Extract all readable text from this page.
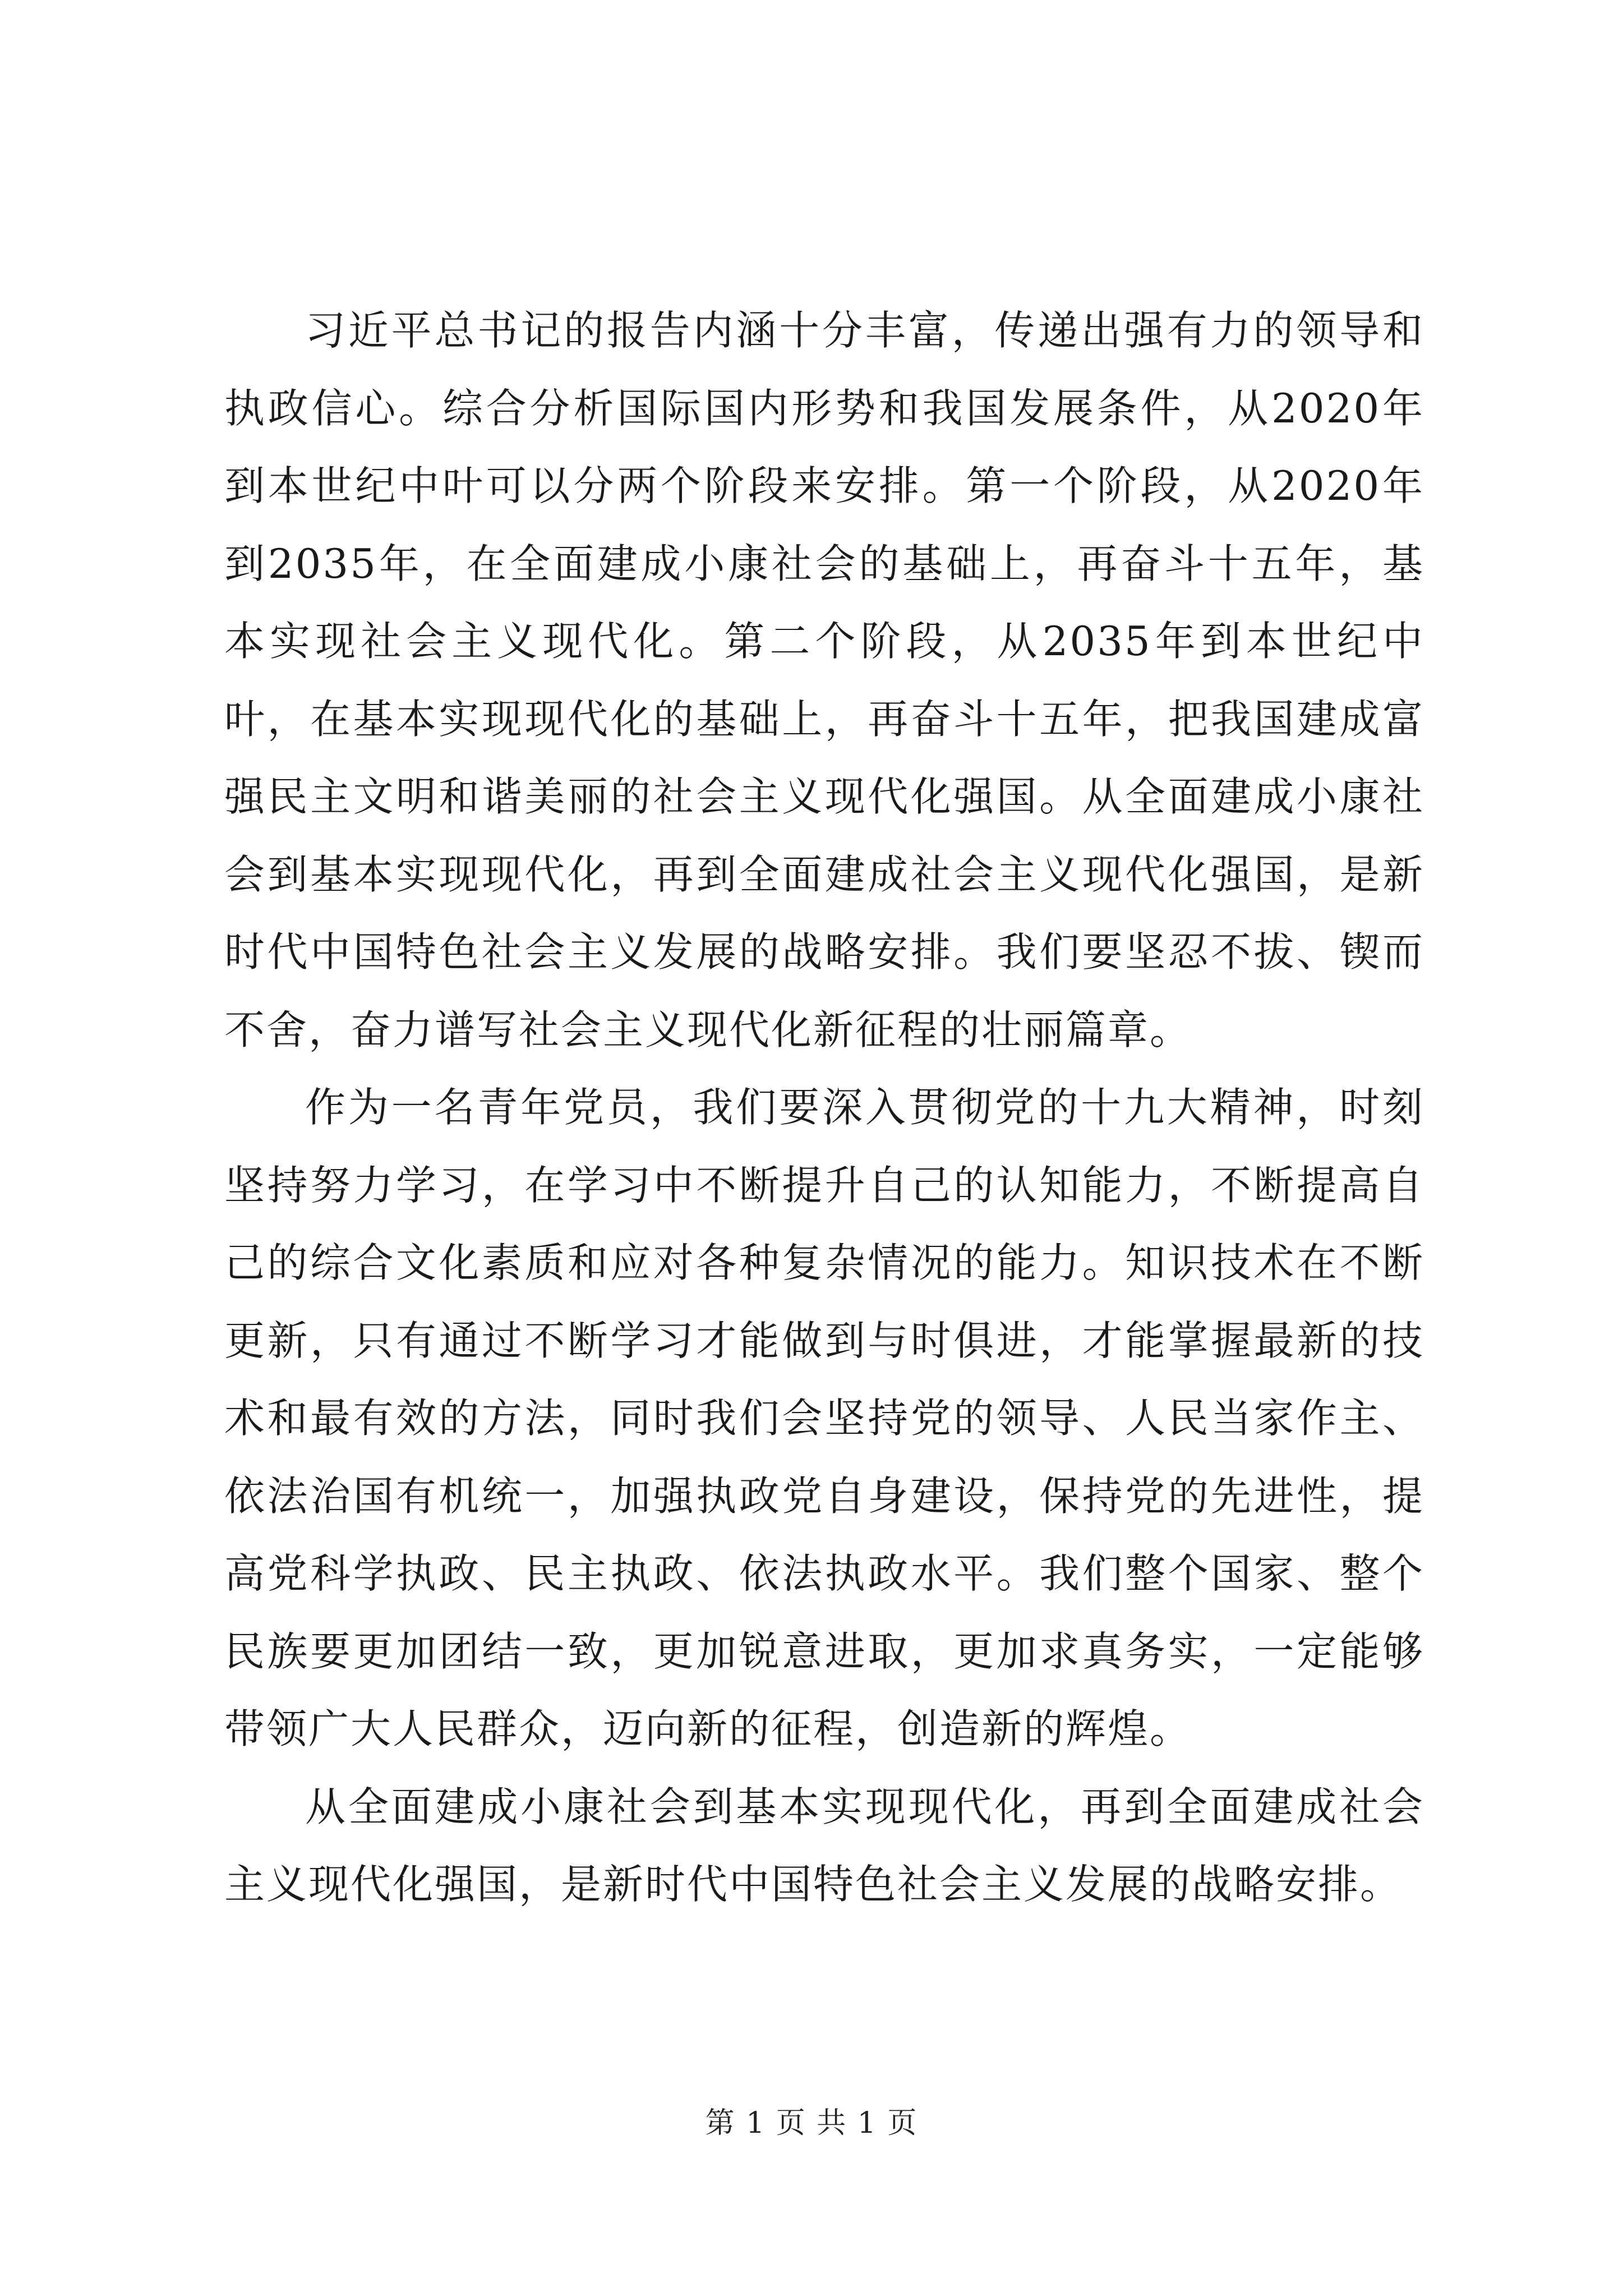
习近平总书记的报告内涵十分丰富，传递出强有力的领导和执政信心。综合分析国际国内形势和我国发展条件，从2020年到本世纪中叶可以分两个阶段来安排。第一个阶段，从2020年到2035年，在全面建成小康社会的基础上，再奋斗十五年，基本实现社会主义现代化。第二个阶段，从2035年到本世纪中叶，在基本实现现代化的基础上，再奋斗十五年，把我国建成富强民主文明和谐美丽的社会主义现代化强国。从全面建成小康社会到基本实现现代化，再到全面建成社会主义现代化强国，是新时代中国特色社会主义发展的战略安排。我们要坚忍不拔、锲而不舍，奋力谱写社会主义现代化新征程的壮丽篇章。

作为一名青年党员，我们要深入贯彻党的十九大精神，时刻坚持努力学习，在学习中不断提升自己的认知能力，不断提高自己的综合文化素质和应对各种复杂情况的能力。知识技术在不断更新，只有通过不断学习才能做到与时俱进，才能掌握最新的技术和最有效的方法，同时我们会坚持党的领导、人民当家作主、依法治国有机统一，加强执政党自身建设，保持党的先进性，提高党科学执政、民主执政、依法执政水平。我们整个国家、整个民族要更加团结一致，更加锐意进取，更加求真务实，一定能够带领广大人民群众，迈向新的征程，创造新的辉煌。

从全面建成小康社会到基本实现现代化，再到全面建成社会主义现代化强国，是新时代中国特色社会主义发展的战略安排。

第 1 页 共 1 页
